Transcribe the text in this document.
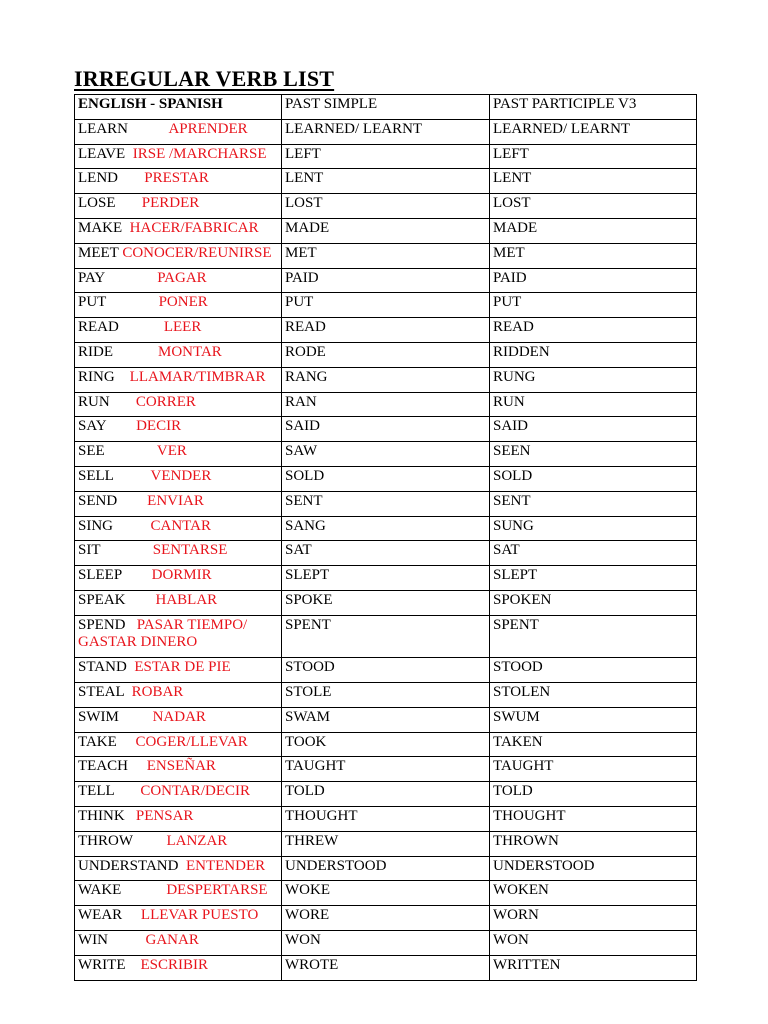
IRREGULAR VERB LIST
ENGLISH - SPANISH	PAST SIMPLE	PAST PARTICIPLE V3
LEARN APRENDER	LEARNED/ LEARNT	LEARNED/ LEARNT
LEAVE IRSE /MARCHARSE	LEFT	LEFT
LEND PRESTAR	LENT	LENT
LOSE PERDER	LOST	LOST
MAKE HACER/FABRICAR	MADE	MADE
MEET CONOCER/REUNIRSE	MET	MET
PAY PAGAR	PAID	PAID
PUT PONER	PUT	PUT
READ LEER	READ	READ
RIDE MONTAR	RODE	RIDDEN
RING LLAMAR/TIMBRAR	RANG	RUNG
RUN CORRER	RAN	RUN
SAY DECIR	SAID	SAID
SEE VER	SAW	SEEN
SELL VENDER	SOLD	SOLD
SEND ENVIAR	SENT	SENT
SING CANTAR	SANG	SUNG
SIT SENTARSE	SAT	SAT
SLEEP DORMIR	SLEPT	SLEPT
SPEAK HABLAR	SPOKE	SPOKEN
SPEND PASAR TIEMPO/ GASTAR DINERO	SPENT	SPENT
STAND ESTAR DE PIE	STOOD	STOOD
STEAL ROBAR	STOLE	STOLEN
SWIM NADAR	SWAM	SWUM
TAKE COGER/LLEVAR	TOOK	TAKEN
TEACH ENSEÑAR	TAUGHT	TAUGHT
TELL CONTAR/DECIR	TOLD	TOLD
THINK PENSAR	THOUGHT	THOUGHT
THROW LANZAR	THREW	THROWN
UNDERSTAND ENTENDER	UNDERSTOOD	UNDERSTOOD
WAKE DESPERTARSE	WOKE	WOKEN
WEAR LLEVAR PUESTO	WORE	WORN
WIN GANAR	WON	WON
WRITE ESCRIBIR	WROTE	WRITTEN
